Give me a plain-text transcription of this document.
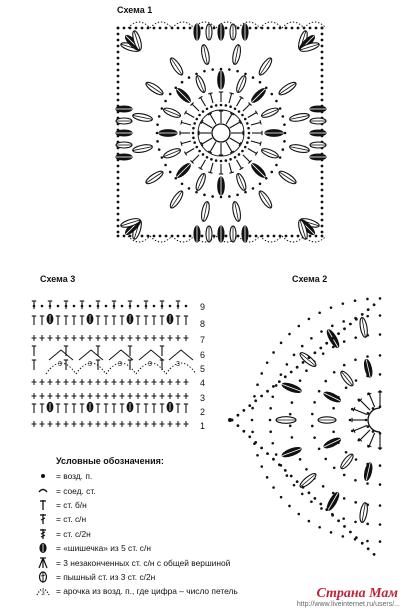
Схема 1
Схема 3	Схема 2
9
8
7
6
5
4
3
2
1
3	3	3	3	3
Условные обозначения:
= возд. п.
= соед. ст.
= ст. б/н
= ст. с/н
= ст. с/2н
= «шишечка» из 5 ст. с/н
= 3 незаконченных ст. с/н с общей вершиной
= пышный ст. из 3 ст. с/2н
3 = арочка из возд. п., где цифра – число петель
http://www.liveinternet.ru/users/...
Страна Мам
